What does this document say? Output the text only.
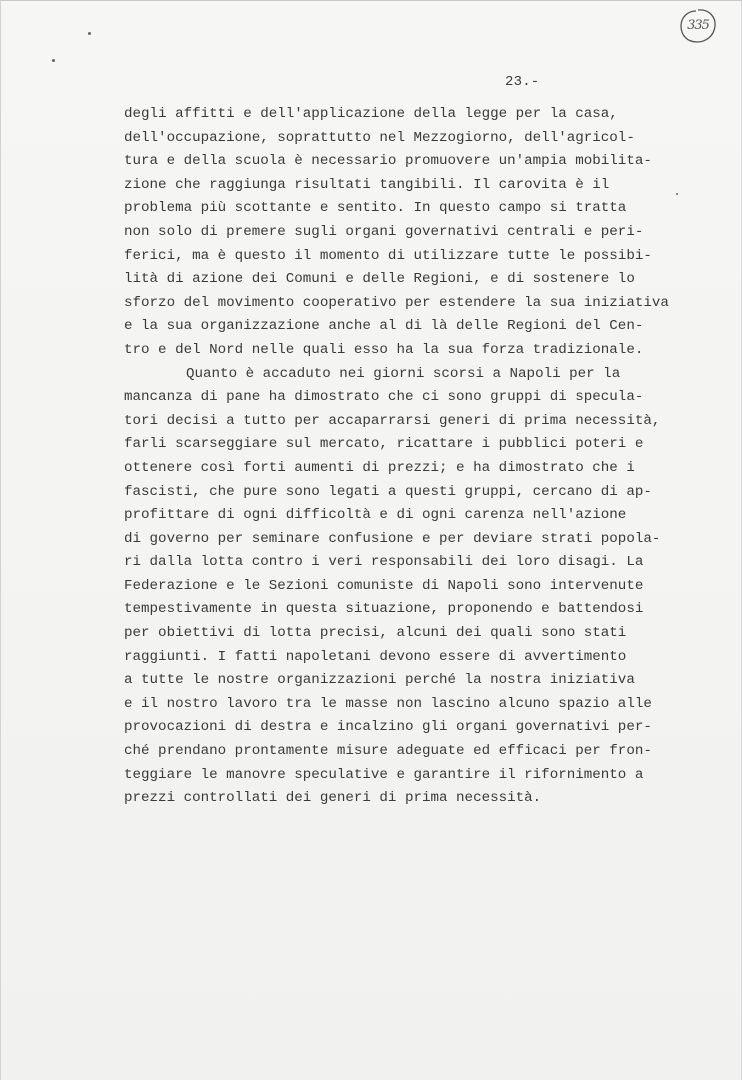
335
23.-
degli affitti e dell'applicazione della legge per la casa,
dell'occupazione, soprattutto nel Mezzogiorno, dell'agricol-
tura e della scuola è necessario promuovere un'ampia mobilita-
zione che raggiunga risultati tangibili. Il carovita è il
problema più scottante e sentito. In questo campo si tratta
non solo di premere sugli organi governativi centrali e peri-
ferici, ma è questo il momento di utilizzare tutte le possibi-
lità di azione dei Comuni e delle Regioni, e di sostenere lo
sforzo del movimento cooperativo per estendere la sua iniziativa
e la sua organizzazione anche al di là delle Regioni del Cen-
tro e del Nord nelle quali esso ha la sua forza tradizionale.
Quanto è accaduto nei giorni scorsi a Napoli per la
mancanza di pane ha dimostrato che ci sono gruppi di specula-
tori decisi a tutto per accaparrarsi generi di prima necessità,
farli scarseggiare sul mercato, ricattare i pubblici poteri e
ottenere così forti aumenti di prezzi; e ha dimostrato che i
fascisti, che pure sono legati a questi gruppi, cercano di ap-
profittare di ogni difficoltà e di ogni carenza nell'azione
di governo per seminare confusione e per deviare strati popola-
ri dalla lotta contro i veri responsabili dei loro disagi. La
Federazione e le Sezioni comuniste di Napoli sono intervenute
tempestivamente in questa situazione, proponendo e battendosi
per obiettivi di lotta precisi, alcuni dei quali sono stati
raggiunti. I fatti napoletani devono essere di avvertimento
a tutte le nostre organizzazioni perché la nostra iniziativa
e il nostro lavoro tra le masse non lascino alcuno spazio alle
provocazioni di destra e incalzino gli organi governativi per-
ché prendano prontamente misure adeguate ed efficaci per fron-
teggiare le manovre speculative e garantire il rifornimento a
prezzi controllati dei generi di prima necessità.
